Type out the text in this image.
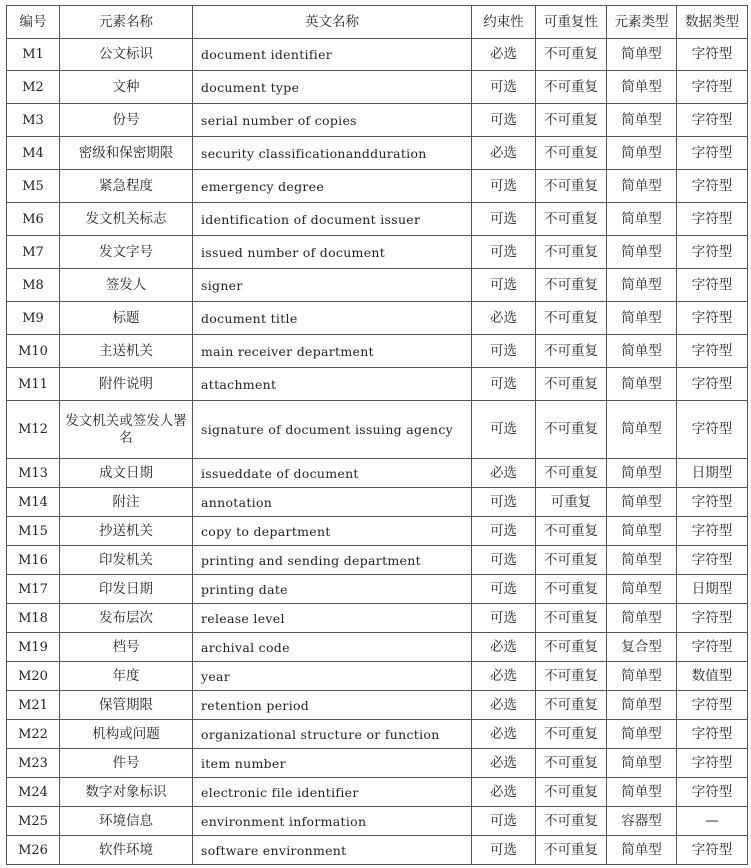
编号	元素名称	英文名称	约束性	可重复性	元素类型	数据类型
M1	公文标识	document identifier	必选	不可重复	简单型	字符型
M2	文种	document type	可选	不可重复	简单型	字符型
M3	份号	serial number of copies	可选	不可重复	简单型	字符型
M4	密级和保密期限	security classificationandduration	必选	不可重复	简单型	字符型
M5	紧急程度	emergency degree	可选	不可重复	简单型	字符型
M6	发文机关标志	identification of document issuer	可选	不可重复	简单型	字符型
M7	发文字号	issued number of document	可选	不可重复	简单型	字符型
M8	签发人	signer	可选	不可重复	简单型	字符型
M9	标题	document title	必选	不可重复	简单型	字符型
M10	主送机关	main receiver department	可选	不可重复	简单型	字符型
M11	附件说明	attachment	可选	不可重复	简单型	字符型
M12	发文机关或签发人署名	signature of document issuing agency	可选	不可重复	简单型	字符型
M13	成文日期	issueddate of document	必选	不可重复	简单型	日期型
M14	附注	annotation	可选	可重复	简单型	字符型
M15	抄送机关	copy to department	可选	不可重复	简单型	字符型
M16	印发机关	printing and sending department	可选	不可重复	简单型	字符型
M17	印发日期	printing date	可选	不可重复	简单型	日期型
M18	发布层次	release level	可选	不可重复	简单型	字符型
M19	档号	archival code	必选	不可重复	复合型	字符型
M20	年度	year	必选	不可重复	简单型	数值型
M21	保管期限	retention period	必选	不可重复	简单型	字符型
M22	机构或问题	organizational structure or function	必选	不可重复	简单型	字符型
M23	件号	item number	必选	不可重复	简单型	字符型
M24	数字对象标识	electronic file identifier	必选	不可重复	简单型	字符型
M25	环境信息	environment information	可选	不可重复	容器型	—
M26	软件环境	software environment	可选	不可重复	简单型	字符型
